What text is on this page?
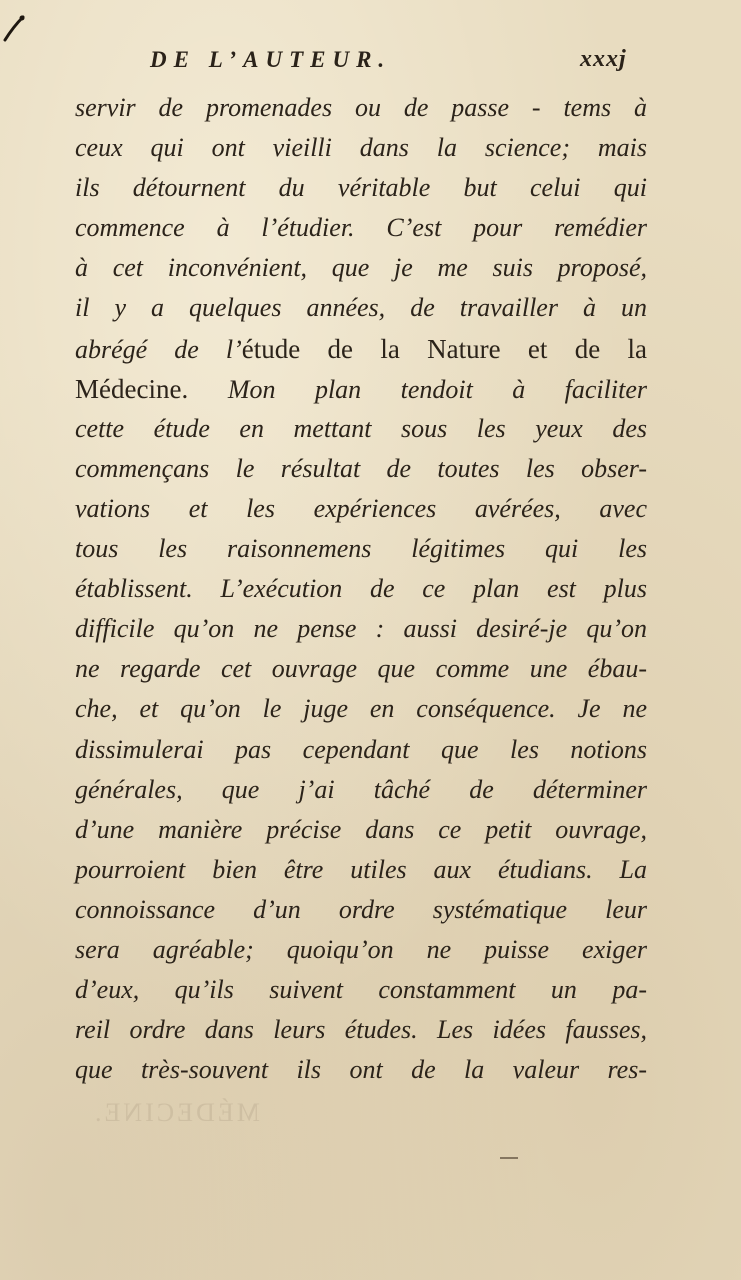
DE L’AUTEUR.	xxxj
servir de promenades ou de passe - tems à
ceux qui ont vieilli dans la science; mais
ils détournent du véritable but celui qui
commence à l’étudier. C’est pour remédier
à cet inconvénient, que je me suis proposé,
il y a quelques années, de travailler à un
abrégé de l’étude de la Nature et de la
Médecine. Mon plan tendoit à faciliter
cette étude en mettant sous les yeux des
commençans le résultat de toutes les obser-
vations et les expériences avérées, avec
tous les raisonnemens légitimes qui les
établissent. L’exécution de ce plan est plus
difficile qu’on ne pense : aussi desiré-je qu’on
ne regarde cet ouvrage que comme une ébau-
che, et qu’on le juge en conséquence. Je ne
dissimulerai pas cependant que les notions
générales, que j’ai tâché de déterminer
d’une manière précise dans ce petit ouvrage,
pourroient bien être utiles aux étudians. La
connoissance d’un ordre systématique leur
sera agréable; quoiqu’on ne puisse exiger
d’eux, qu’ils suivent constamment un pa-
reil ordre dans leurs études. Les idées fausses,
que très-souvent ils ont de la valeur res-
MÉDECINE.
